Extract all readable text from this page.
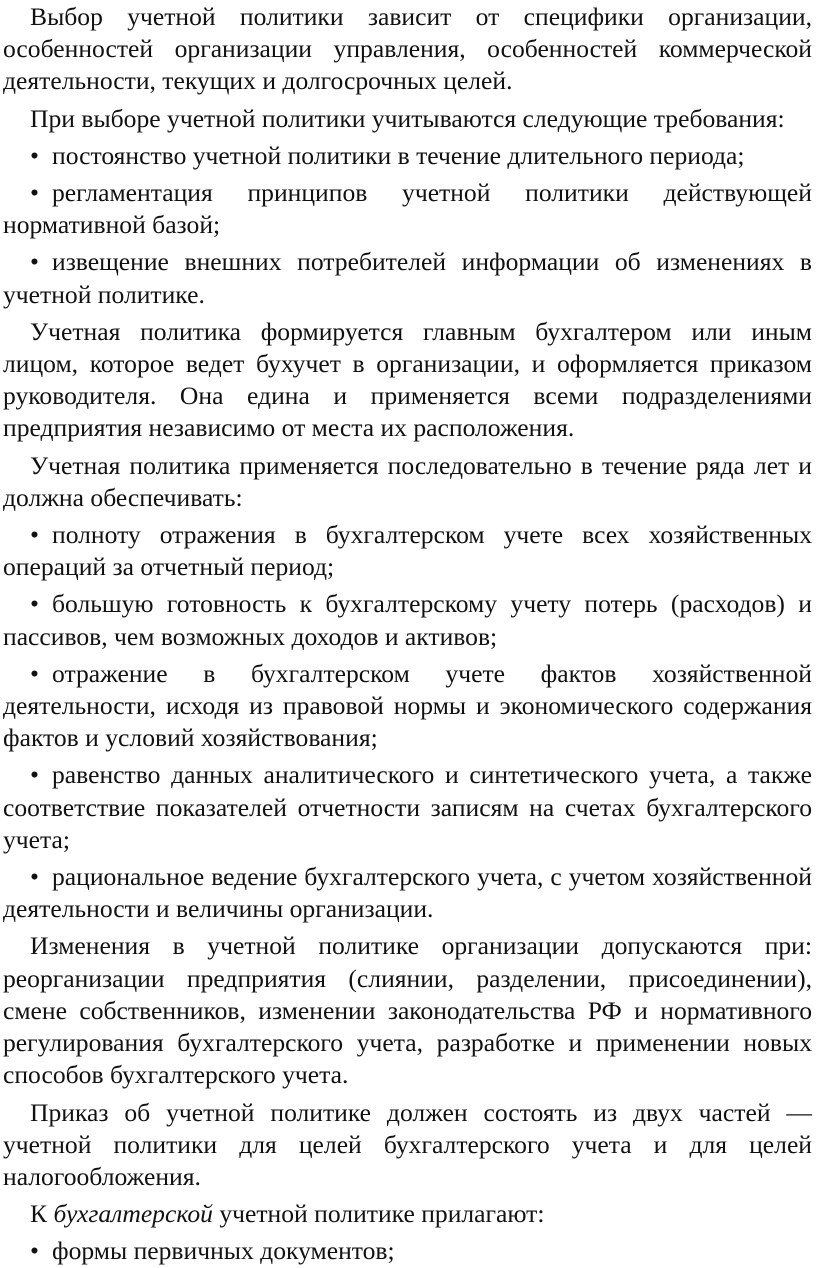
Выбор учетной политики зависит от специфики организации, особенностей организации управления, особенностей коммерческой деятельности, текущих и долгосрочных целей.

При выборе учетной политики учитываются следующие требования:

• постоянство учетной политики в течение длительного периода;

• регламентация принципов учетной политики действующей нормативной базой;

• извещение внешних потребителей информации об изменениях в учетной политике.

Учетная политика формируется главным бухгалтером или иным лицом, которое ведет бухучет в организации, и оформляется приказом руководителя. Она едина и применяется всеми подразделениями предприятия независимо от места их расположения.

Учетная политика применяется последовательно в течение ряда лет и должна обеспечивать:

• полноту отражения в бухгалтерском учете всех хозяйственных операций за отчетный период;

• большую готовность к бухгалтерскому учету потерь (расходов) и пассивов, чем возможных доходов и активов;

• отражение в бухгалтерском учете фактов хозяйственной деятельности, исходя из правовой нормы и экономического содержания фактов и условий хозяйствования;

• равенство данных аналитического и синтетического учета, а также соответствие показателей отчетности записям на счетах бухгалтерского учета;

• рациональное ведение бухгалтерского учета, с учетом хозяйственной деятельности и величины организации.

Изменения в учетной политике организации допускаются при: реорганизации предприятия (слиянии, разделении, присоединении), смене собственников, изменении законодательства РФ и нормативного регулирования бухгалтерского учета, разработке и применении новых способов бухгалтерского учета.

Приказ об учетной политике должен состоять из двух частей — учетной политики для целей бухгалтерского учета и для целей налогообложения.

К бухгалтерской учетной политике прилагают:

• формы первичных документов;
